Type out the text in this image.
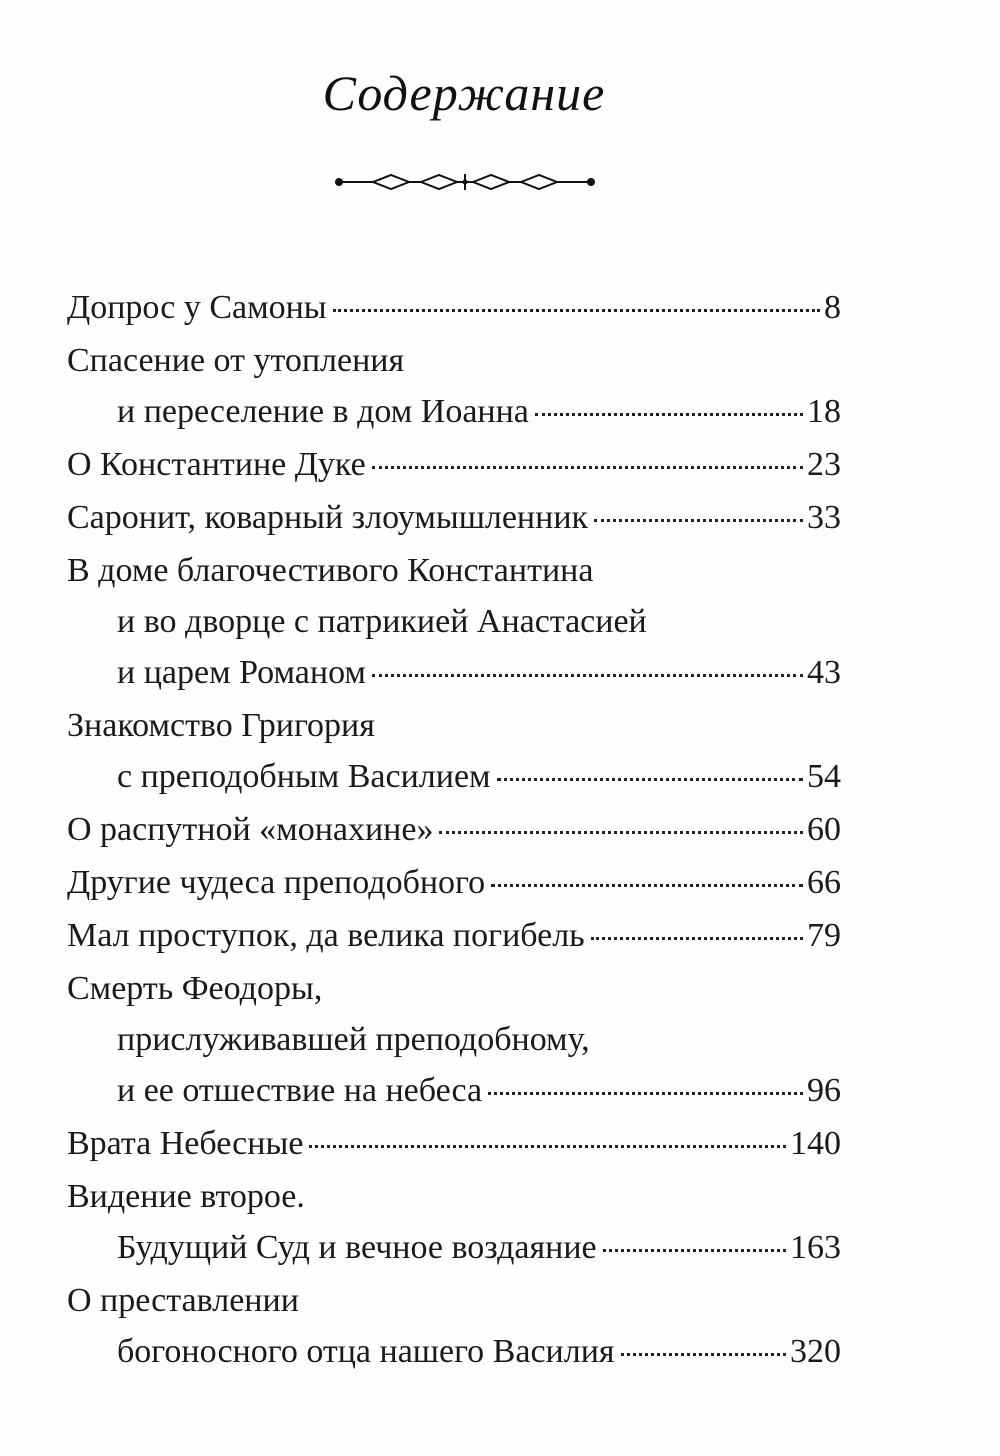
Содержание
Допрос у Самоны	8
Спасение от утопления
и переселение в дом Иоанна	18
О Константине Дуке	23
Саронит, коварный злоумышленник	33
В доме благочестивого Константина
и во дворце с патрикией Анастасией
и царем Романом	43
Знакомство Григория
с преподобным Василием	54
О распутной «монахине»	60
Другие чудеса преподобного	66
Мал проступок, да велика погибель	79
Смерть Феодоры,
прислуживавшей преподобному,
и ее отшествие на небеса	96
Врата Небесные	140
Видение второе.
Будущий Суд и вечное воздаяние	163
О преставлении
богоносного отца нашего Василия	320
